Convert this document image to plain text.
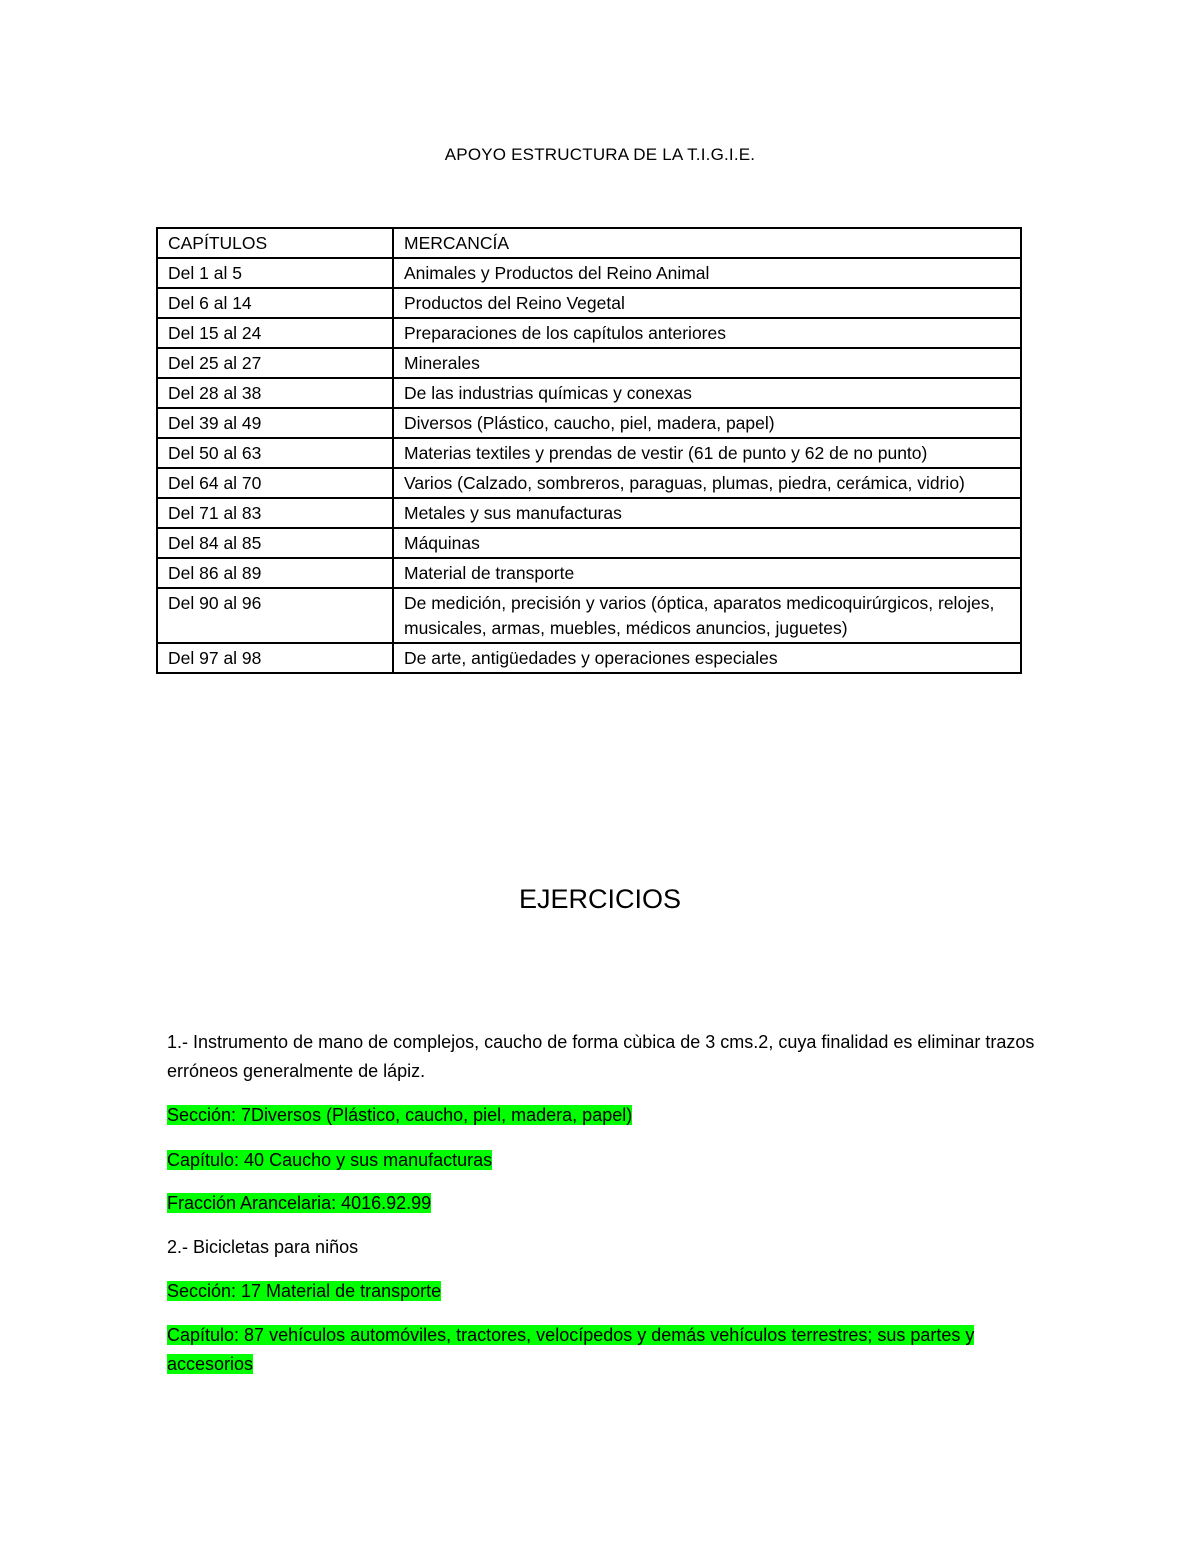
APOYO ESTRUCTURA DE LA T.I.G.I.E.
CAPÍTULOS	MERCANCÍA
Del 1 al 5	Animales y Productos del Reino Animal
Del 6 al 14	Productos del Reino Vegetal
Del 15 al 24	Preparaciones de los capítulos anteriores
Del 25 al 27	Minerales
Del 28 al 38	De las industrias químicas y conexas
Del 39 al 49	Diversos (Plástico, caucho, piel, madera, papel)
Del 50 al 63	Materias textiles y prendas de vestir (61 de punto y 62 de no punto)
Del 64 al 70	Varios (Calzado, sombreros, paraguas, plumas, piedra, cerámica, vidrio)
Del 71 al 83	Metales y sus manufacturas
Del 84 al 85	Máquinas
Del 86 al 89	Material de transporte
Del 90 al 96	De medición, precisión y varios (óptica, aparatos medicoquirúrgicos, relojes, musicales, armas, muebles, médicos anuncios, juguetes)
Del 97 al 98	De arte, antigüedades y operaciones especiales
EJERCICIOS
1.- Instrumento de mano de complejos, caucho de forma cùbica de 3 cms.2, cuya finalidad es eliminar trazos erróneos generalmente de lápiz.
Sección: 7Diversos (Plástico, caucho, piel, madera, papel)
Capítulo: 40 Caucho y sus manufacturas
Fracción Arancelaria: 4016.92.99
2.- Bicicletas para niños
Sección: 17 Material de transporte
Capítulo: 87 vehículos automóviles, tractores, velocípedos y demás vehículos terrestres; sus partes y accesorios
